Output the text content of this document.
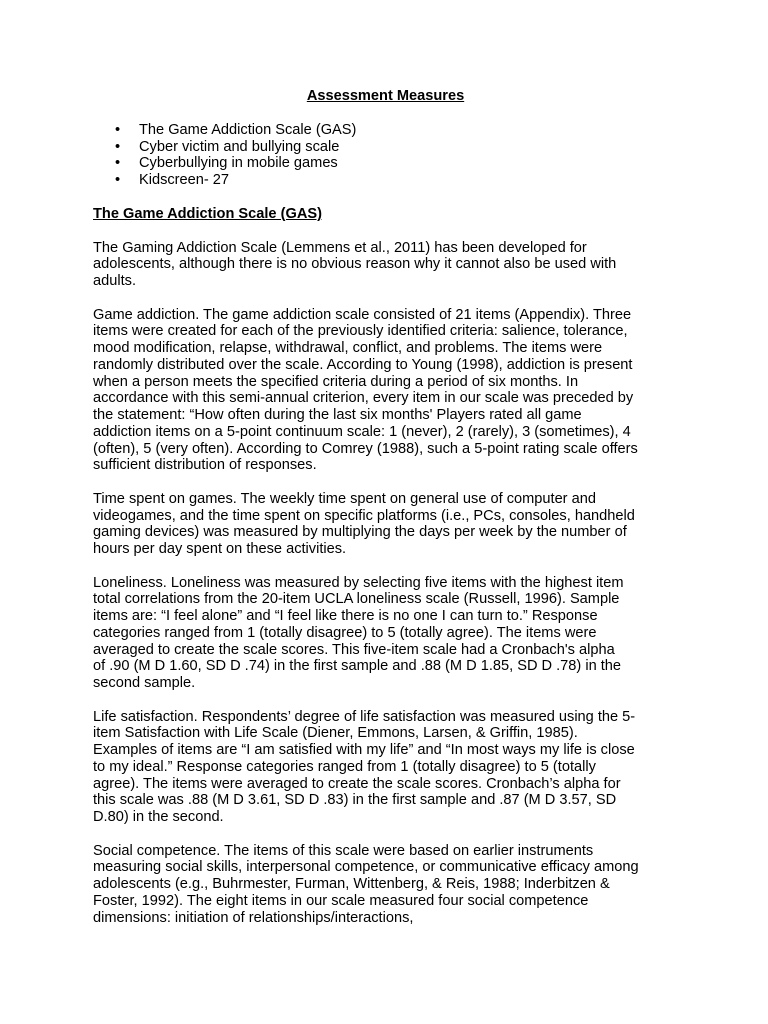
Assessment Measures
• The Game Addiction Scale (GAS)
• Cyber victim and bullying scale
• Cyberbullying in mobile games
• Kidscreen- 27
The Game Addiction Scale (GAS)
The Gaming Addiction Scale (Lemmens et al., 2011) has been developed for
adolescents, although there is no obvious reason why it cannot also be used with
adults.
Game addiction. The game addiction scale consisted of 21 items (Appendix). Three
items were created for each of the previously identified criteria: salience, tolerance,
mood modification, relapse, withdrawal, conflict, and problems. The items were
randomly distributed over the scale. According to Young (1998), addiction is present
when a person meets the specified criteria during a period of six months. In
accordance with this semi-annual criterion, every item in our scale was preceded by
the statement: “How often during the last six months' Players rated all game
addiction items on a 5-point continuum scale: 1 (never), 2 (rarely), 3 (sometimes), 4
(often), 5 (very often). According to Comrey (1988), such a 5-point rating scale offers
sufficient distribution of responses.
Time spent on games. The weekly time spent on general use of computer and
videogames, and the time spent on specific platforms (i.e., PCs, consoles, handheld
gaming devices) was measured by multiplying the days per week by the number of
hours per day spent on these activities.
Loneliness. Loneliness was measured by selecting five items with the highest item
total correlations from the 20-item UCLA loneliness scale (Russell, 1996). Sample
items are: “I feel alone” and “I feel like there is no one I can turn to.” Response
categories ranged from 1 (totally disagree) to 5 (totally agree). The items were
averaged to create the scale scores. This five-item scale had a Cronbach's alpha
of .90 (M D 1.60, SD D .74) in the first sample and .88 (M D 1.85, SD D .78) in the
second sample.
Life satisfaction. Respondents’ degree of life satisfaction was measured using the 5-
item Satisfaction with Life Scale (Diener, Emmons, Larsen, & Griffin, 1985).
Examples of items are “I am satisfied with my life” and “In most ways my life is close
to my ideal.” Response categories ranged from 1 (totally disagree) to 5 (totally
agree). The items were averaged to create the scale scores. Cronbach’s alpha for
this scale was .88 (M D 3.61, SD D .83) in the first sample and .87 (M D 3.57, SD
D.80) in the second.
Social competence. The items of this scale were based on earlier instruments
measuring social skills, interpersonal competence, or communicative efficacy among
adolescents (e.g., Buhrmester, Furman, Wittenberg, & Reis, 1988; Inderbitzen &
Foster, 1992). The eight items in our scale measured four social competence
dimensions: initiation of relationships/interactions,
